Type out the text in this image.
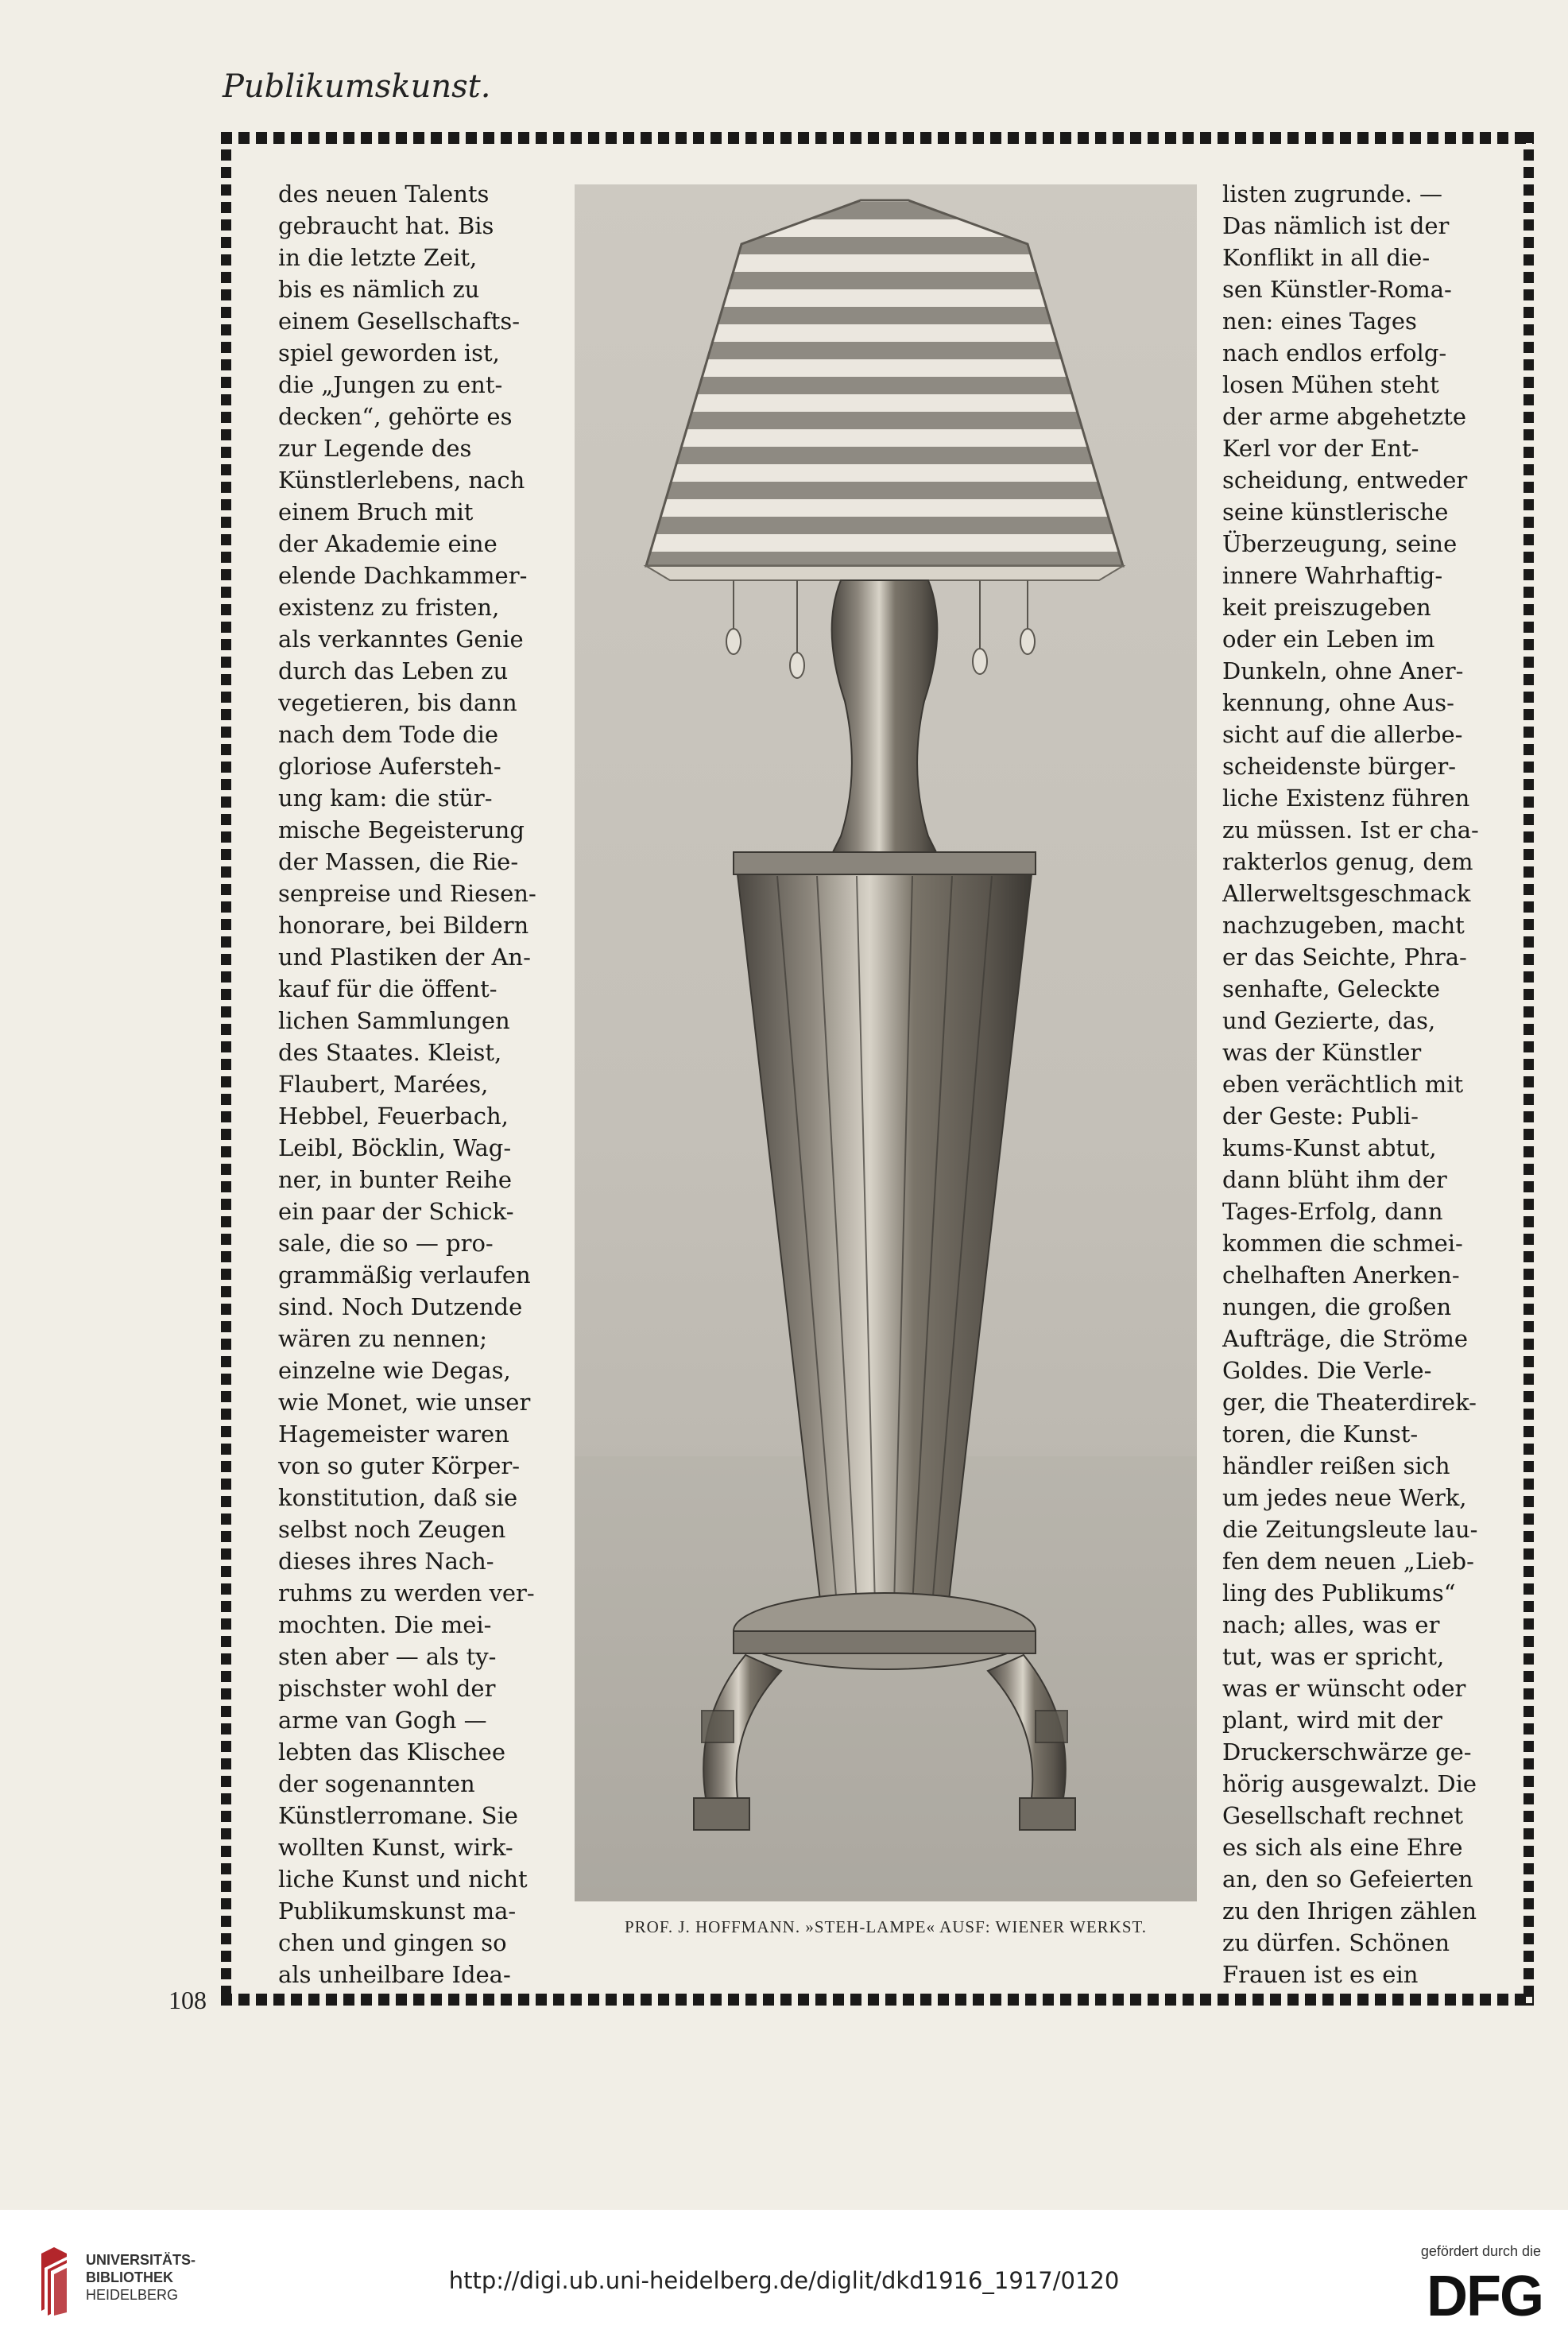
Publikumskunst.
des neuen Talents
gebraucht hat. Bis
in die letzte Zeit,
bis es nämlich zu
einem Gesellschafts-
spiel geworden ist,
die „Jungen zu ent-
decken“, gehörte es
zur Legende des
Künstlerlebens, nach
einem Bruch mit
der Akademie eine
elende Dachkammer-
existenz zu fristen,
als verkanntes Genie
durch das Leben zu
vegetieren, bis dann
nach dem Tode die
gloriose Aufersteh-
ung kam: die stür-
mische Begeisterung
der Massen, die Rie-
senpreise und Riesen-
honorare, bei Bildern
und Plastiken der An-
kauf für die öffent-
lichen Sammlungen
des Staates. Kleist,
Flaubert, Marées,
Hebbel, Feuerbach,
Leibl, Böcklin, Wag-
ner, in bunter Reihe
ein paar der Schick-
sale, die so — pro-
grammäßig verlaufen
sind. Noch Dutzende
wären zu nennen;
einzelne wie Degas,
wie Monet, wie unser
Hagemeister waren
von so guter Körper-
konstitution, daß sie
selbst noch Zeugen
dieses ihres Nach-
ruhms zu werden ver-
mochten. Die mei-
sten aber — als ty-
pischster wohl der
arme van Gogh —
lebten das Klischee
der sogenannten
Künstlerromane. Sie
wollten Kunst, wirk-
liche Kunst und nicht
Publikumskunst ma-
chen und gingen so
als unheilbare Idea-
listen zugrunde. —
Das nämlich ist der
Konflikt in all die-
sen Künstler-Roma-
nen: eines Tages
nach endlos erfolg-
losen Mühen steht
der arme abgehetzte
Kerl vor der Ent-
scheidung, entweder
seine künstlerische
Überzeugung, seine
innere Wahrhaftig-
keit preiszugeben
oder ein Leben im
Dunkeln, ohne Aner-
kennung, ohne Aus-
sicht auf die allerbe-
scheidenste bürger-
liche Existenz führen
zu müssen. Ist er cha-
rakterlos genug, dem
Allerweltsgeschmack
nachzugeben, macht
er das Seichte, Phra-
senhafte, Geleckte
und Gezierte, das,
was der Künstler
eben verächtlich mit
der Geste: Publi-
kums-Kunst abtut,
dann blüht ihm der
Tages-Erfolg, dann
kommen die schmei-
chelhaften Anerken-
nungen, die großen
Aufträge, die Ströme
Goldes. Die Verle-
ger, die Theaterdirek-
toren, die Kunst-
händler reißen sich
um jedes neue Werk,
die Zeitungsleute lau-
fen dem neuen „Lieb-
ling des Publikums“
nach; alles, was er
tut, was er spricht,
was er wünscht oder
plant, wird mit der
Druckerschwärze ge-
hörig ausgewalzt. Die
Gesellschaft rechnet
es sich als eine Ehre
an, den so Gefeierten
zu den Ihrigen zählen
zu dürfen. Schönen
Frauen ist es ein
PROF. J. HOFFMANN. »STEH-LAMPE« AUSF: WIENER WERKST.
108
UNIVERSITÄTS-
BIBLIOTHEK
HEIDELBERG
http://digi.ub.uni-heidelberg.de/diglit/dkd1916_1917/0120
gefördert durch die
DFG
